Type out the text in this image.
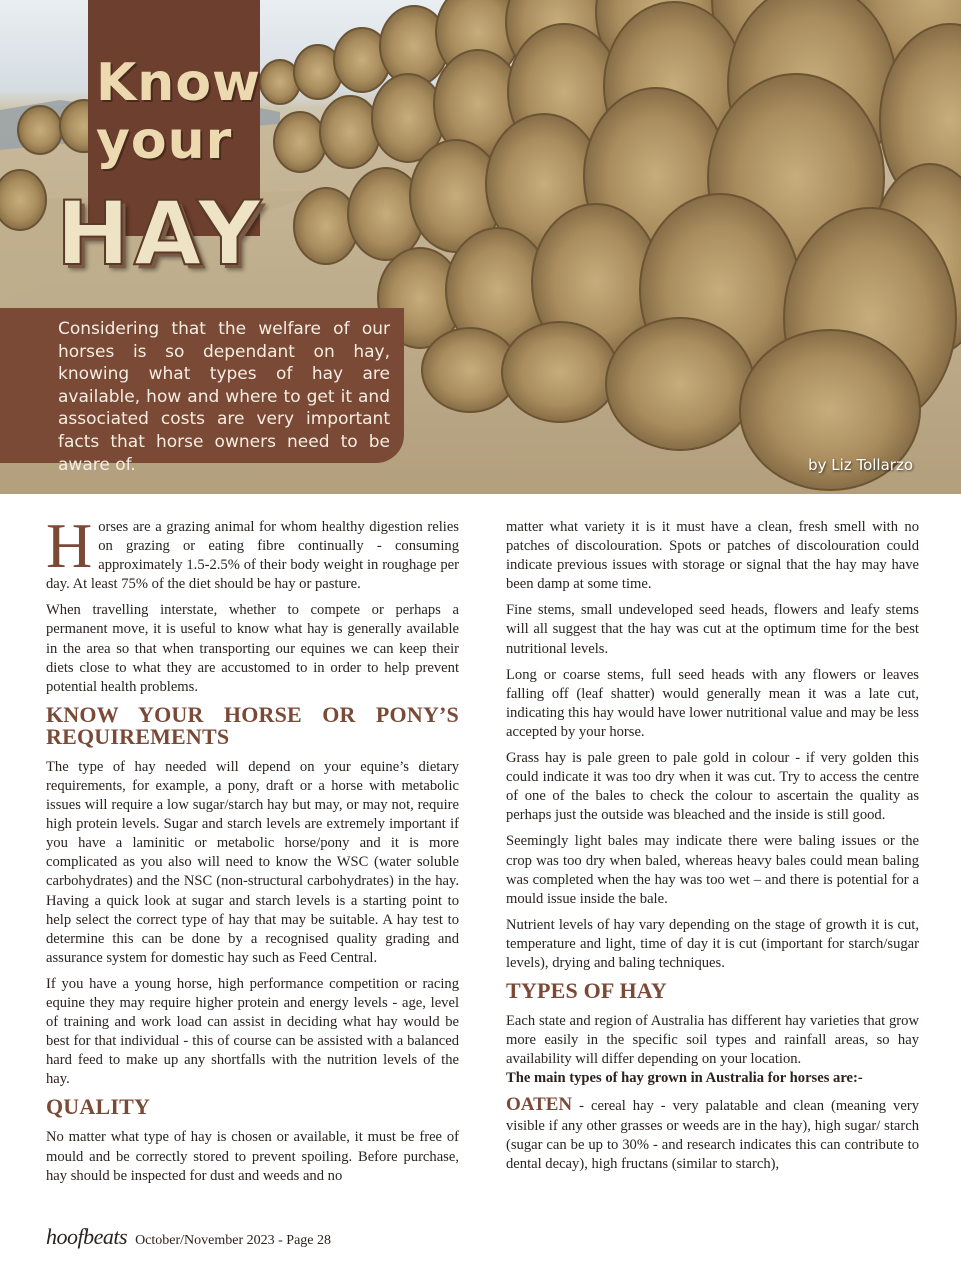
Know
your
HAY

Considering that the welfare of our horses is so dependant on hay, knowing what types of hay are available, how and where to get it and associated costs are very important facts that horse owners need to be aware of.	by Liz Tollarzo

Horses are a grazing animal for whom healthy digestion relies on grazing or eating fibre continually - consuming approximately 1.5-2.5% of their body weight in roughage per day. At least 75% of the diet should be hay or pasture.

When travelling interstate, whether to compete or perhaps a permanent move, it is useful to know what hay is generally available in the area so that when transporting our equines we can keep their diets close to what they are accustomed to in order to help prevent potential health problems.

KNOW YOUR HORSE OR PONY’S REQUIREMENTS

The type of hay needed will depend on your equine’s dietary requirements, for example, a pony, draft or a horse with metabolic issues will require a low sugar/starch hay but may, or may not, require high protein levels. Sugar and starch levels are extremely important if you have a laminitic or metabolic horse/pony and it is more complicated as you also will need to know the WSC (water soluble carbohydrates) and the NSC (non-structural carbohydrates) in the hay. Having a quick look at sugar and starch levels is a starting point to help select the correct type of hay that may be suitable. A hay test to determine this can be done by a recognised quality grading and assurance system for domestic hay such as Feed Central.

If you have a young horse, high performance competition or racing equine they may require higher protein and energy levels - age, level of training and work load can assist in deciding what hay would be best for that individual - this of course can be assisted with a balanced hard feed to make up any shortfalls with the nutrition levels of the hay.

QUALITY

No matter what type of hay is chosen or available, it must be free of mould and be correctly stored to prevent spoiling. Before purchase, hay should be inspected for dust and weeds and no

matter what variety it is it must have a clean, fresh smell with no patches of discolouration. Spots or patches of discolouration could indicate previous issues with storage or signal that the hay may have been damp at some time.

Fine stems, small undeveloped seed heads, flowers and leafy stems will all suggest that the hay was cut at the optimum time for the best nutritional levels.

Long or coarse stems, full seed heads with any flowers or leaves falling off (leaf shatter) would generally mean it was a late cut, indicating this hay would have lower nutritional value and may be less accepted by your horse.

Grass hay is pale green to pale gold in colour - if very golden this could indicate it was too dry when it was cut. Try to access the centre of one of the bales to check the colour to ascertain the quality as perhaps just the outside was bleached and the inside is still good.

Seemingly light bales may indicate there were baling issues or the crop was too dry when baled, whereas heavy bales could mean baling was completed when the hay was too wet – and there is potential for a mould issue inside the bale.

Nutrient levels of hay vary depending on the stage of growth it is cut, temperature and light, time of day it is cut (important for starch/sugar levels), drying and baling techniques.

TYPES OF HAY

Each state and region of Australia has different hay varieties that grow more easily in the specific soil types and rainfall areas, so hay availability will differ depending on your location.

The main types of hay grown in Australia for horses are:-

OATEN - cereal hay - very palatable and clean (meaning very visible if any other grasses or weeds are in the hay), high sugar/ starch (sugar can be up to 30% - and research indicates this can contribute to dental decay), high fructans (similar to starch),

hoofbeats October/November 2023 - Page 28
